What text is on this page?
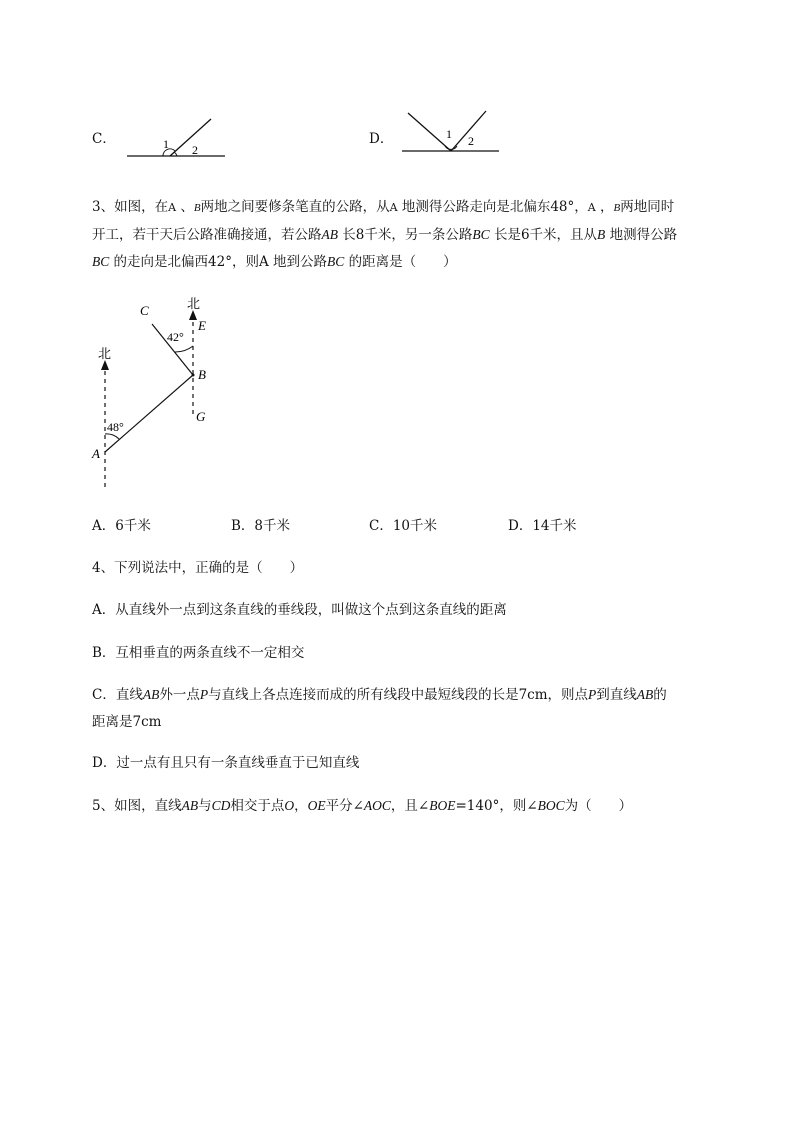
C．	1 2
D．	1 2
3、如图，在A 、B两地之间要修条笔直的公路，从A 地测得公路走向是北偏东48°，A ，B两地同时
开工，若干天后公路准确接通，若公路AB 长8千米，另一条公路BC 长是6千米，且从B 地测得公路
BC 的走向是北偏西42°，则A 地到公路BC 的距离是（　　）
北
北
C
E
B
G
A
42°
48°
A．6千米	B．8千米	C．10千米	D．14千米
4、下列说法中，正确的是（　　）
A．从直线外一点到这条直线的垂线段，叫做这个点到这条直线的距离
B．互相垂直的两条直线不一定相交
C．直线AB外一点P与直线上各点连接而成的所有线段中最短线段的长是7cm，则点P到直线AB的
距离是7cm
D．过一点有且只有一条直线垂直于已知直线
5、如图，直线AB与CD相交于点O，OE平分∠AOC，且∠BOE=140°，则∠BOC为（　　）
